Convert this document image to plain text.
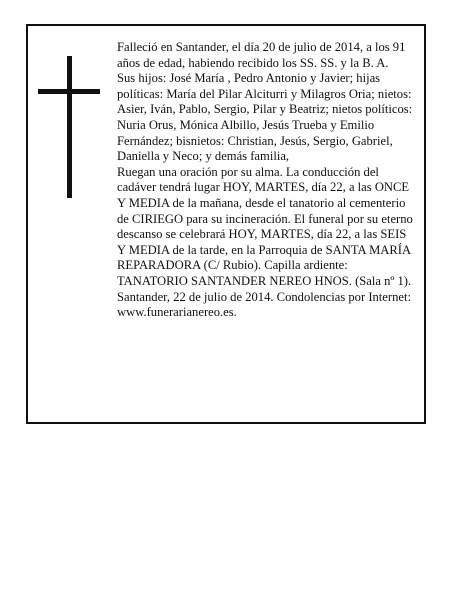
Falleció en Santander, el día 20 de julio de 2014, a los 91 años de edad, habiendo recibido los SS. SS. y la B. A.

Sus hijos: José María , Pedro Antonio y Javier; hijas políticas: María del Pilar Alciturri y Milagros Oria; nietos: Asier, Iván, Pablo, Sergio, Pilar y Beatriz; nietos políticos: Nuria Orus, Mónica Albillo, Jesús Trueba y Emilio Fernández; bisnietos: Christian, Jesús, Sergio, Gabriel, Daniella y Neco; y demás familia,

Ruegan una oración por su alma. La conducción del cadáver tendrá lugar HOY, MARTES, día 22, a las ONCE Y MEDIA de la mañana, desde el tanatorio al cementerio de CIRIEGO para su incineración. El funeral por su eterno descanso se celebrará HOY, MARTES, día 22, a las SEIS Y MEDIA de la tarde, en la Parroquia de SANTA MARÍA REPARADORA (C/ Rubio). Capilla ardiente: TANATORIO SANTANDER NEREO HNOS. (Sala nº 1).

Santander, 22 de julio de 2014. Condolencias por Internet: www.funerarianereo.es.
